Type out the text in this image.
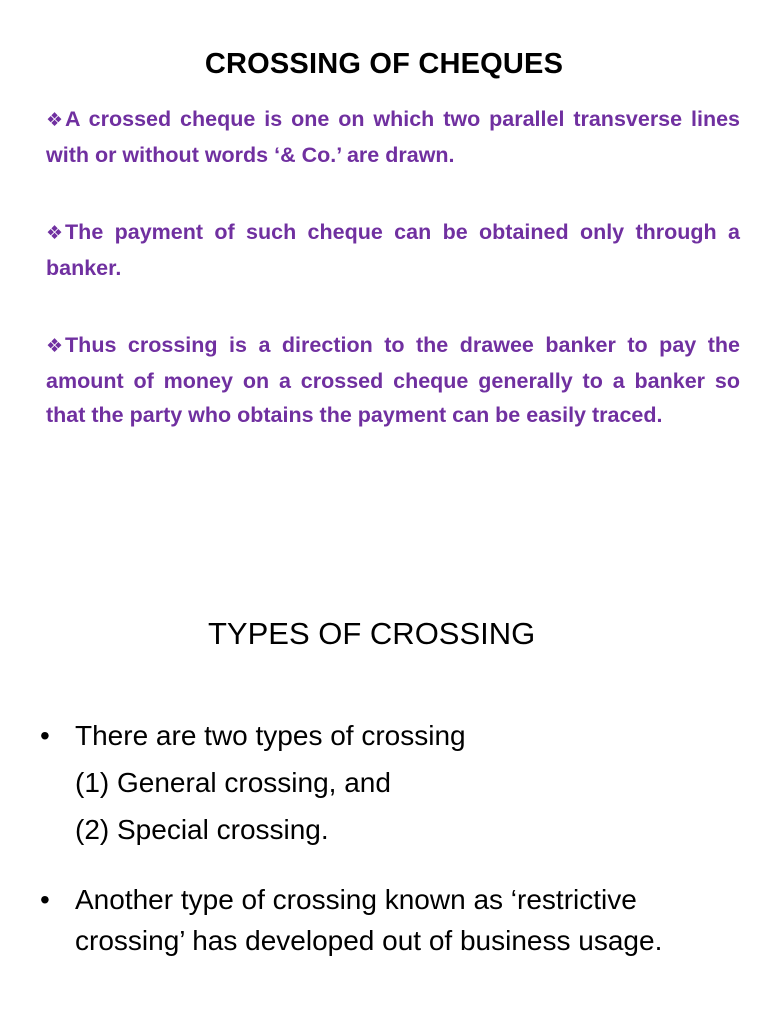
CROSSING OF CHEQUES
❖A crossed cheque is one on which two parallel transverse lines with or without words ‘& Co.’ are drawn.
❖The payment of such cheque can be obtained only through a banker.
❖Thus crossing is a direction to the drawee banker to pay the amount of money on a crossed cheque generally to a banker so that the party who obtains the payment can be easily traced.
TYPES OF CROSSING
• There are two types of crossing
(1) General crossing, and
(2) Special crossing.
• Another type of crossing known as ‘restrictive crossing’ has developed out of business usage.
